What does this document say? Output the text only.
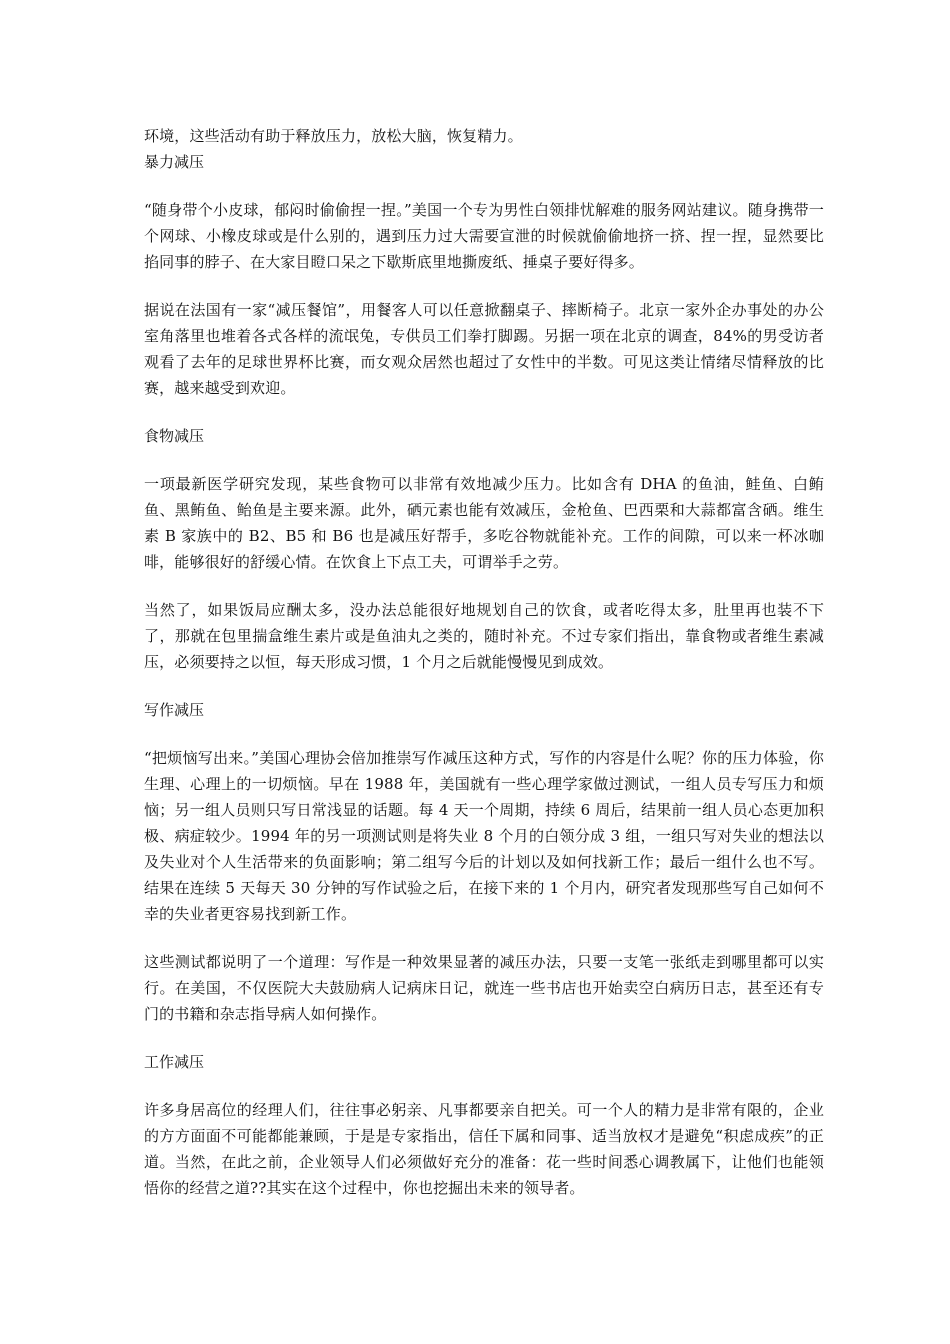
环境，这些活动有助于释放压力，放松大脑，恢复精力。

暴力减压

“随身带个小皮球，郁闷时偷偷捏一捏。”美国一个专为男性白领排忧解难的服务网站建议。随身携带一个网球、小橡皮球或是什么别的，遇到压力过大需要宣泄的时候就偷偷地挤一挤、捏一捏，显然要比掐同事的脖子、在大家目瞪口呆之下歇斯底里地撕废纸、捶桌子要好得多。

据说在法国有一家“减压餐馆”，用餐客人可以任意掀翻桌子、摔断椅子。北京一家外企办事处的办公室角落里也堆着各式各样的流氓兔，专供员工们拳打脚踢。另据一项在北京的调查，84%的男受访者观看了去年的足球世界杯比赛，而女观众居然也超过了女性中的半数。可见这类让情绪尽情释放的比赛，越来越受到欢迎。

食物减压

一项最新医学研究发现，某些食物可以非常有效地减少压力。比如含有 DHA 的鱼油，鲑鱼、白鲔鱼、黑鲔鱼、鲐鱼是主要来源。此外，硒元素也能有效减压，金枪鱼、巴西栗和大蒜都富含硒。维生素 B 家族中的 B2、B5 和 B6 也是减压好帮手，多吃谷物就能补充。工作的间隙，可以来一杯冰咖啡，能够很好的舒缓心情。在饮食上下点工夫，可谓举手之劳。

当然了，如果饭局应酬太多，没办法总能很好地规划自己的饮食，或者吃得太多，肚里再也装不下了，那就在包里揣盒维生素片或是鱼油丸之类的，随时补充。不过专家们指出，靠食物或者维生素减压，必须要持之以恒，每天形成习惯，1 个月之后就能慢慢见到成效。

写作减压

“把烦恼写出来。”美国心理协会倍加推崇写作减压这种方式，写作的内容是什么呢？你的压力体验，你生理、心理上的一切烦恼。早在 1988 年，美国就有一些心理学家做过测试，一组人员专写压力和烦恼；另一组人员则只写日常浅显的话题。每 4 天一个周期，持续 6 周后，结果前一组人员心态更加积极、病症较少。1994 年的另一项测试则是将失业 8 个月的白领分成 3 组，一组只写对失业的想法以及失业对个人生活带来的负面影响；第二组写今后的计划以及如何找新工作；最后一组什么也不写。结果在连续 5 天每天 30 分钟的写作试验之后，在接下来的 1 个月内，研究者发现那些写自己如何不幸的失业者更容易找到新工作。

这些测试都说明了一个道理：写作是一种效果显著的减压办法，只要一支笔一张纸走到哪里都可以实行。在美国，不仅医院大夫鼓励病人记病床日记，就连一些书店也开始卖空白病历日志，甚至还有专门的书籍和杂志指导病人如何操作。

工作减压

许多身居高位的经理人们，往往事必躬亲、凡事都要亲自把关。可一个人的精力是非常有限的，企业的方方面面不可能都能兼顾，于是是专家指出，信任下属和同事、适当放权才是避免“积虑成疾”的正道。当然，在此之前，企业领导人们必须做好充分的准备：花一些时间悉心调教属下，让他们也能领悟你的经营之道??其实在这个过程中，你也挖掘出未来的领导者。
